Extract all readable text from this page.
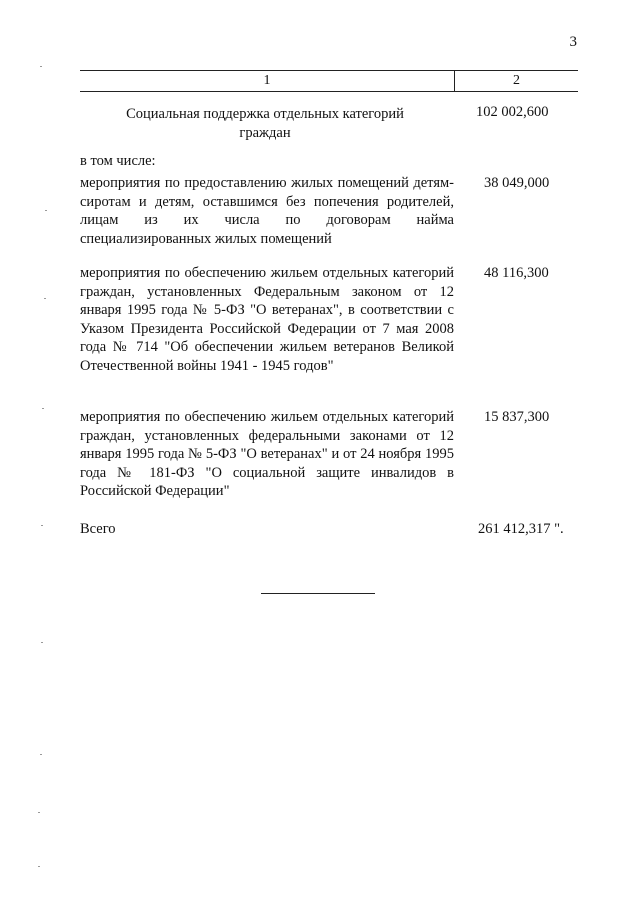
3
1	2
Социальная поддержка отдельных категорий граждан
102 002,600
в том числе:
мероприятия по предоставлению жилых помещений детям-сиротам и детям, оставшимся без попечения родителей, лицам из их числа по договорам найма специализированных жилых помещений
38 049,000
мероприятия по обеспечению жильем отдельных категорий граждан, установленных Федеральным законом от 12 января 1995 года № 5-ФЗ "О ветеранах", в соответствии с Указом Президента Российской Федерации от 7 мая 2008 года № 714 "Об обеспечении жильем ветеранов Великой Отечественной войны 1941 - 1945 годов"
48 116,300
мероприятия по обеспечению жильем отдельных категорий граждан, установленных федеральными законами от 12 января 1995 года № 5-ФЗ "О ветеранах" и от 24 ноября 1995 года № 181-ФЗ "О социальной защите инвалидов в Российской Федерации"
15 837,300
Всего	261 412,317 ".
